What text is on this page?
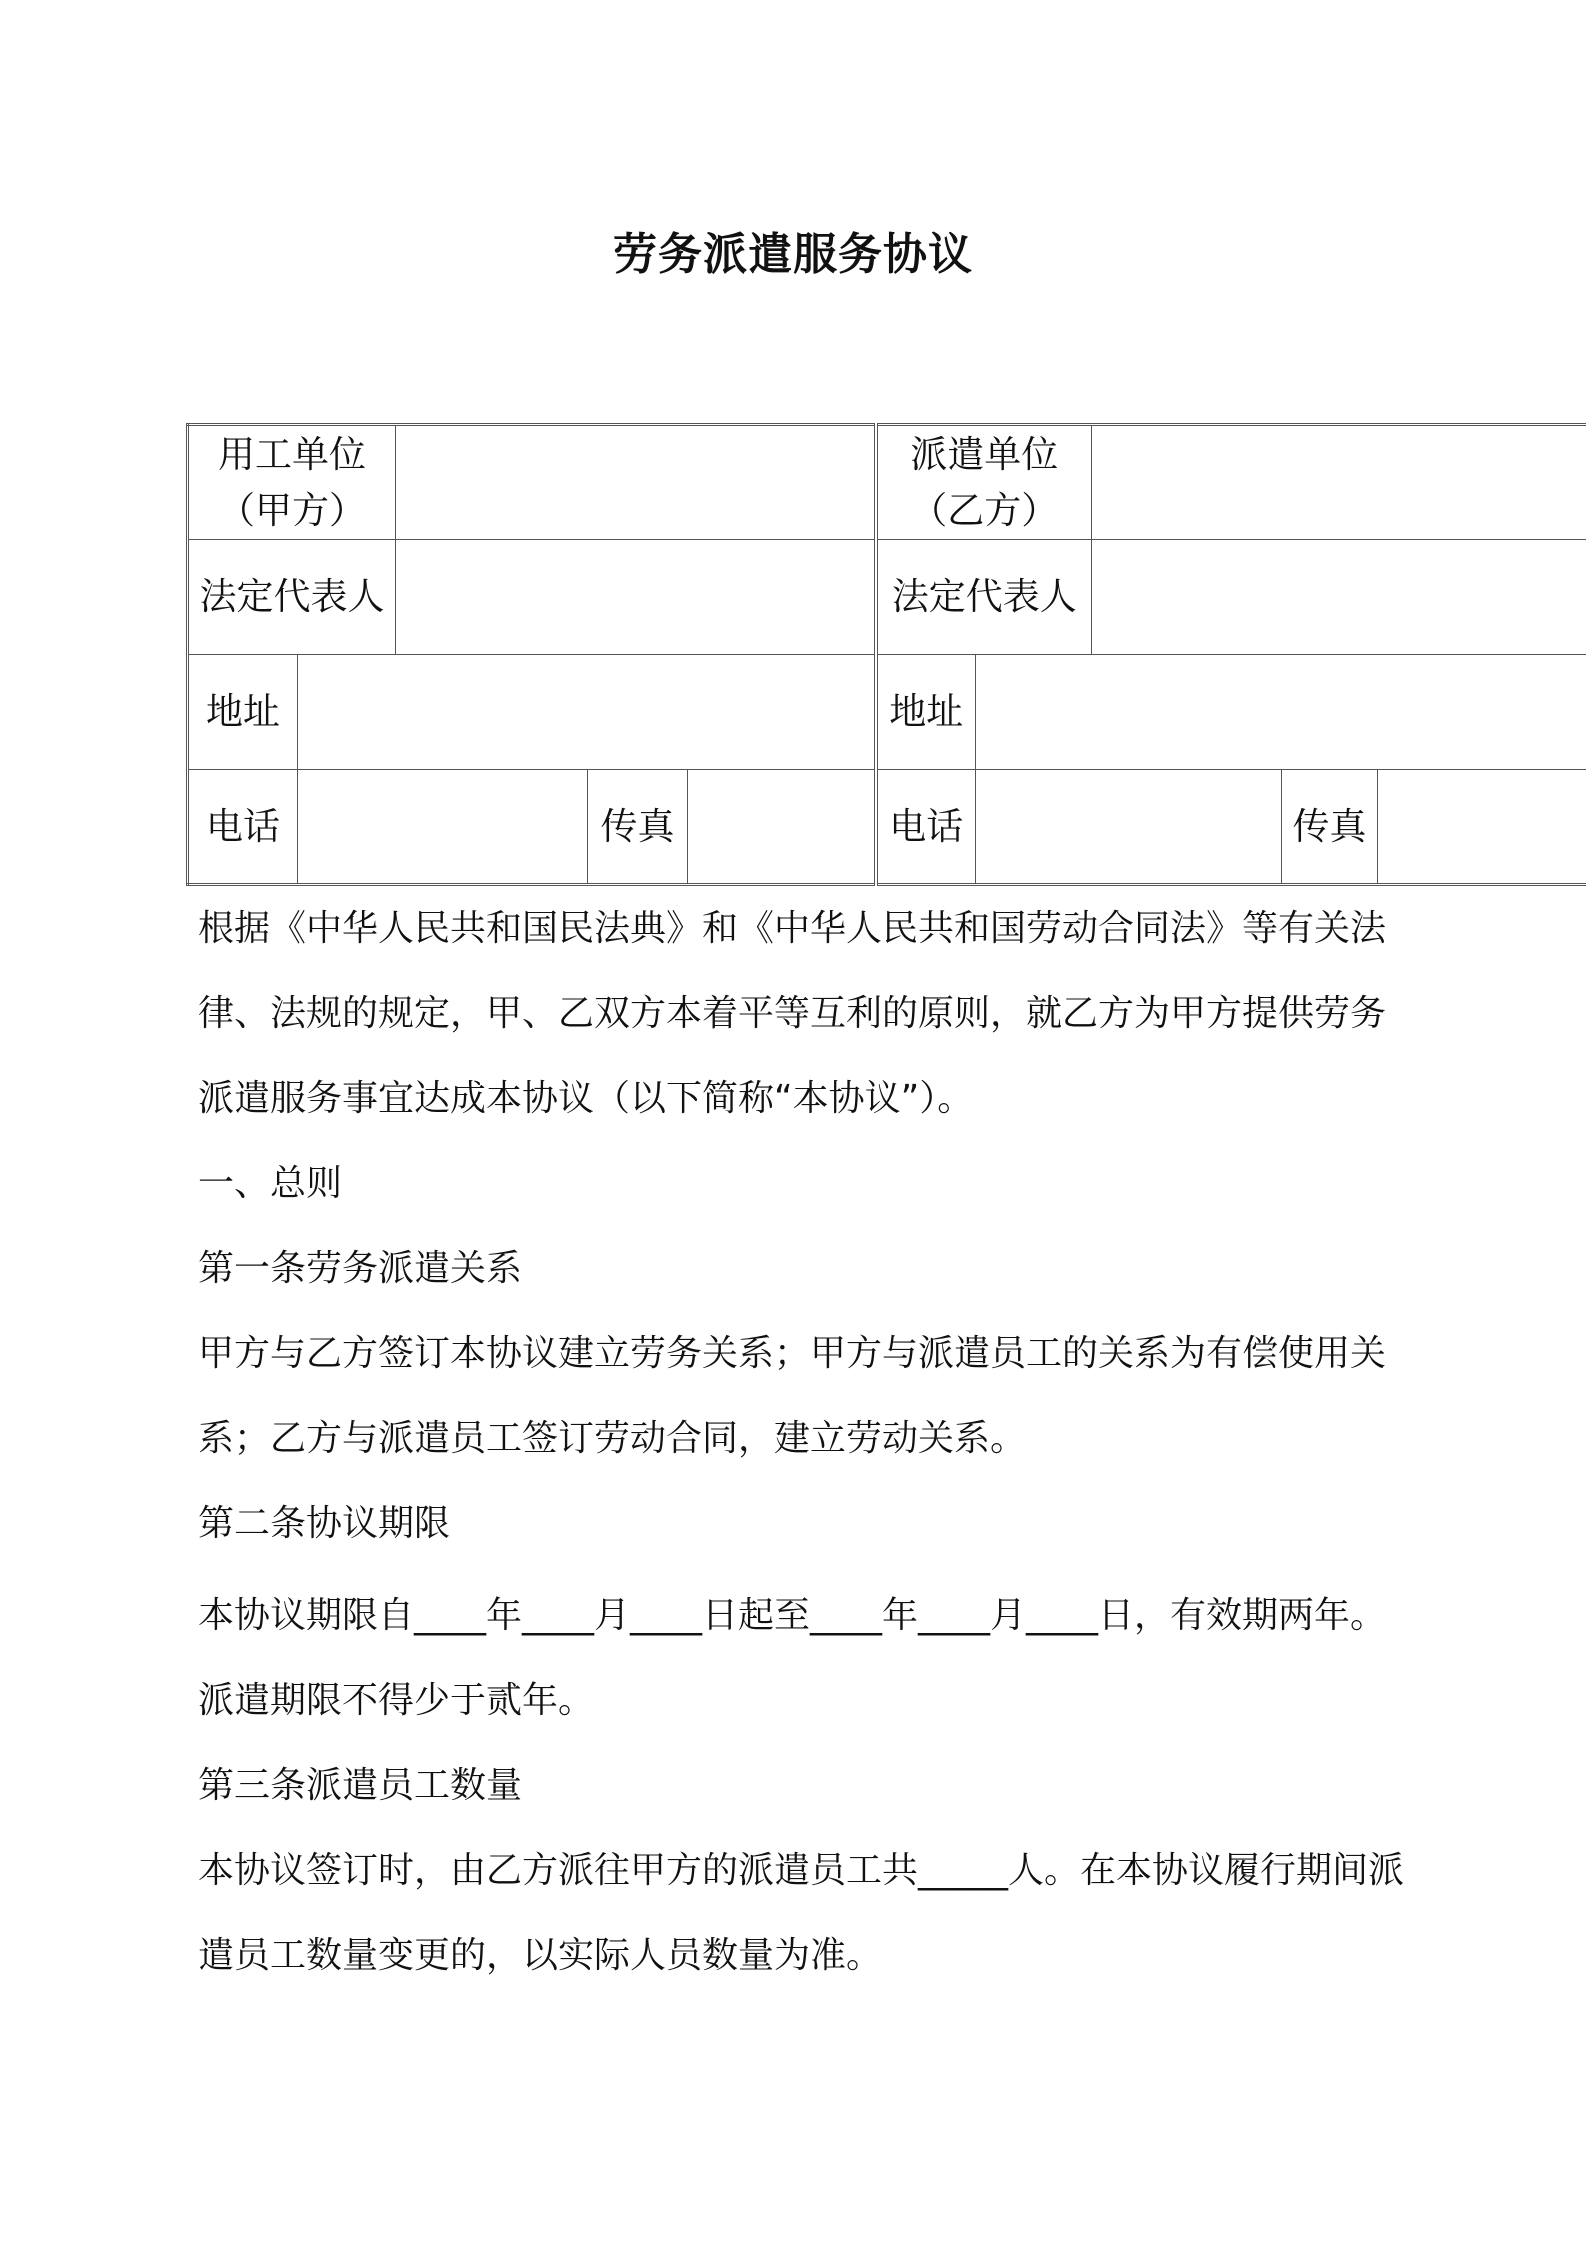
劳务派遣服务协议
用工单位（甲方）					派遣单位（乙方）				
法定代表人					法定代表人				
地址					地址				
电话			传真		电话			传真	

根据《中华人民共和国民法典》和《中华人民共和国劳动合同法》等有关法律、法规的规定，甲、乙双方本着平等互利的原则，就乙方为甲方提供劳务派遣服务事宜达成本协议（以下简称“本协议”）。

一、总则

第一条劳务派遣关系

甲方与乙方签订本协议建立劳务关系；甲方与派遣员工的关系为有偿使用关系；乙方与派遣员工签订劳动合同，建立劳动关系。

第二条协议期限

本协议期限自____年____月____日起至____年____月____日，有效期两年。派遣期限不得少于贰年。

第三条派遣员工数量

本协议签订时，由乙方派往甲方的派遣员工共_____人。在本协议履行期间派遣员工数量变更的，以实际人员数量为准。
